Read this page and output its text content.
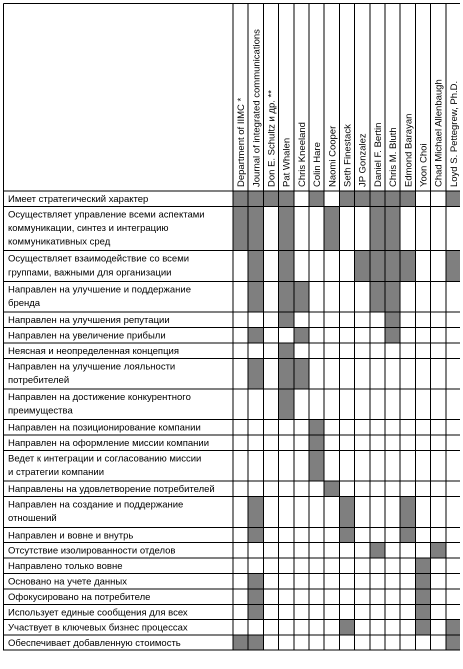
Имеет стратегический характер
Осуществляет управление всеми аспектами
коммуникации, синтез и интеграцию
коммуникативных сред
Осуществляет взаимодействие со всеми
группами, важными для организации
Направлен на улучшение и поддержание
бренда
Направлен на улучшения репутации
Направлен на увеличение прибыли
Неясная и неопределенная концепция
Направлен на улучшение лояльности
потребителей
Направлен на достижение конкурентного
преимущества
Направлен на позиционирование компании
Направлен на оформление миссии компании
Ведет к интеграции и согласованию миссии
и стратегии компании
Направлены на удовлетворение потребителей
Направлен на создание и поддержание
отношений
Направлен и вовне и внутрь
Отсутствие изолированности отделов
Направлено только вовне
Основано на учете данных
Офокусировано на потребителе
Использует единые сообщения для всех
Участвует в ключевых бизнес процессах
Обеспечивает добавленную стоимость
Department of IIMC * Journal of integrated communications Don E. Schultz и др. ** Pat Whalen Chris Kneeland Colin Hare Naomi Cooper Seth Finestack JP Gonzalez Daniel F. Bertin Chris M. Bluth Edmond Barayan Yoon Choi Chad Michael Allenbaugh Loyd S. Pettegrew, Ph.D.
